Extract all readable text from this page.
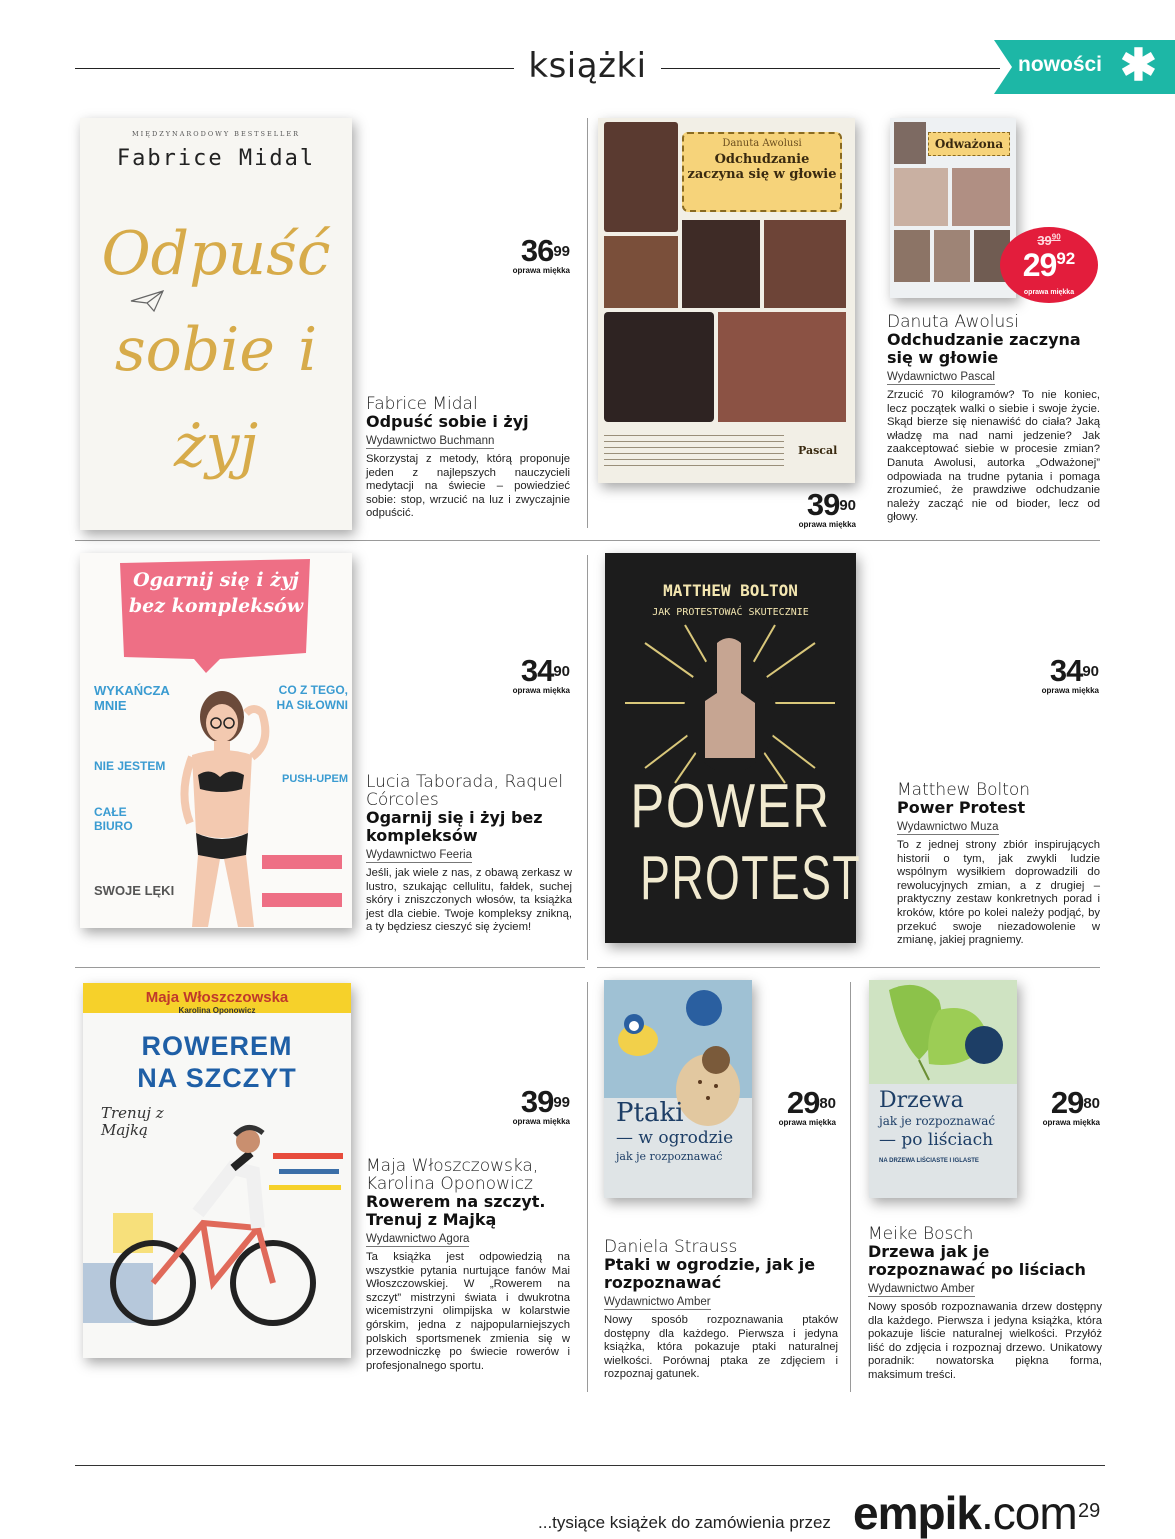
książki	nowości ✱
MIĘDZYNARODOWY BESTSELLER
Fabrice Midal
Odpuść sobie i żyj
$36^{99}$
oprawa miękka
Fabrice Midal
Odpuść sobie i żyj
Wydawnictwo Buchmann
Skorzystaj z metody, którą proponuje jeden z najlepszych nauczycieli medytacji na świecie – powiedzieć sobie: stop, wrzucić na luz i zwyczajnie odpuścić.
Danuta Awolusi
Odchudzanie zaczyna się w głowie
Pascal
$39^{90}$
oprawa miękka
Odważona
$39^{90}$
$29^{92}$
oprawa miękka
Danuta Awolusi
Odchudzanie zaczyna się w głowie
Wydawnictwo Pascal
Zrzucić 70 kilogramów? To nie koniec, lecz początek walki o siebie i swoje życie. Skąd bierze się nienawiść do ciała? Jaką władzę ma nad nami jedzenie? Jak zaakceptować siebie w procesie zmian? Danuta Awolusi, autorka „Odważonej” odpowiada na trudne pytania i pomaga zrozumieć, że prawdziwe odchudzanie należy zacząć nie od bioder, lecz od głowy.
Ogarnij się i żyj bez kompleksów
WYKAŃCZA MNIE
CO Z TEGO, HA SIŁOWNI
NIE JESTEM
CAŁE BIURO
PUSH-UPEM
SWOJE LĘKI
$34^{90}$
oprawa miękka
Lucia Taborada, Raquel Córcoles
Ogarnij się i żyj bez kompleksów
Wydawnictwo Feeria
Jeśli, jak wiele z nas, z obawą zerkasz w lustro, szukając cellulitu, fałdek, suchej skóry i zniszczonych włosów, ta książka jest dla ciebie. Twoje kompleksy znikną, a ty będziesz cieszyć się życiem!
MATTHEW BOLTON
JAK PROTESTOWAĆ SKUTECZNIE
POWER
PROTEST
$34^{90}$
oprawa miękka
Matthew Bolton
Power Protest
Wydawnictwo Muza
To z jednej strony zbiór inspirujących historii o tym, jak zwykli ludzie wspólnym wysiłkiem doprowadzili do rewolucyjnych zmian, a z drugiej – praktyczny zestaw konkretnych porad i kroków, które po kolei należy podjąć, by przekuć swoje niezadowolenie w zmianę, jakiej pragniemy.
Maja Włoszczowska
Karolina Oponowicz
ROWEREM
NA SZCZYT
Trenuj z Majką
$39^{99}$
oprawa miękka
Maja Włoszczowska, Karolina Oponowicz
Rowerem na szczyt. Trenuj z Majką
Wydawnictwo Agora
Ta książka jest odpowiedzią na wszystkie pytania nurtujące fanów Mai Włoszczowskiej. W „Rowerem na szczyt” mistrzyni świata i dwukrotna wicemistrzyni olimpijska w kolarstwie górskim, jedna z najpopularniejszych polskich sportsmenek zmienia się w przewodniczkę po świecie rowerów i profesjonalnego sportu.
Ptaki
— w ogrodzie
jak je rozpoznawać
$29^{80}$
oprawa miękka
Daniela Strauss
Ptaki w ogrodzie, jak je rozpoznawać
Wydawnictwo Amber
Nowy sposób rozpoznawania ptaków dostępny dla każdego. Pierwsza i jedyna książka, która pokazuje ptaki naturalnej wielkości. Porównaj ptaka ze zdjęciem i rozpoznaj gatunek.
Drzewa
jak je rozpoznawać
— po liściach
NA DRZEWA LIŚCIASTE I IGLASTE
$29^{80}$
oprawa miękka
Meike Bosch
Drzewa jak je rozpoznawać po liściach
Wydawnictwo Amber
Nowy sposób rozpoznawania drzew dostępny dla każdego. Pierwsza i jedyna książka, która pokazuje liście naturalnej wielkości. Przyłóż liść do zdjęcia i rozpoznaj drzewo. Unikatowy poradnik: nowatorska piękna forma, maksimum treści.
...tysiące książek do zamówienia przez empik.com 29
